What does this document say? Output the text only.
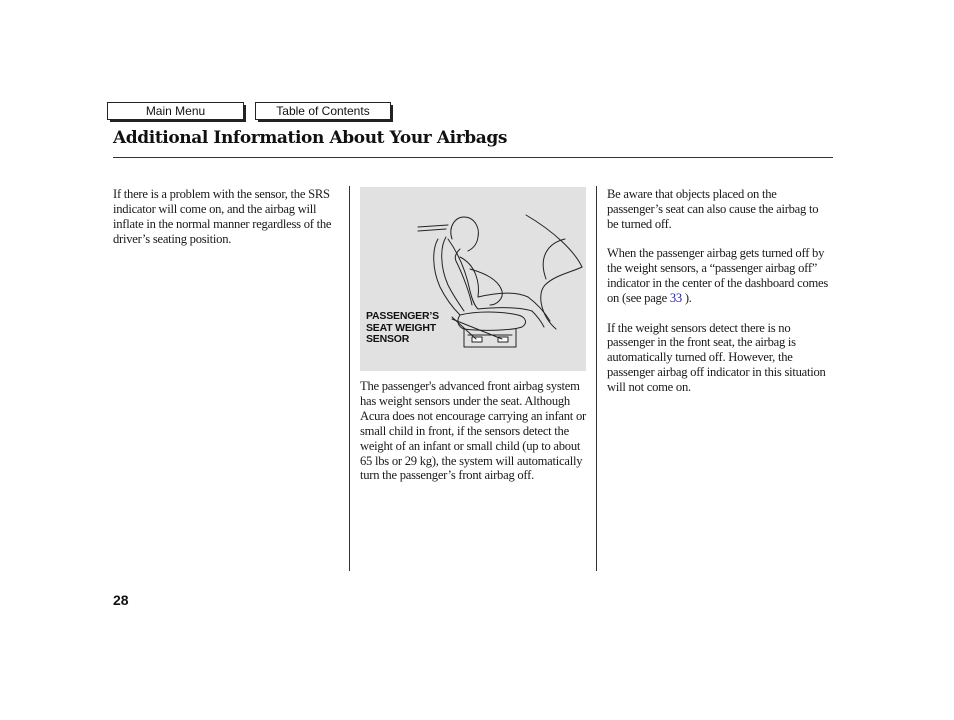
Main Menu	Table of Contents
Additional Information About Your Airbags

If there is a problem with the sensor, the SRS indicator will come on, and the airbag will inflate in the normal manner regardless of the driver’s seating position.

PASSENGER’S
SEAT WEIGHT
SENSOR

The passenger's advanced front airbag system has weight sensors under the seat. Although Acura does not encourage carrying an infant or small child in front, if the sensors detect the weight of an infant or small child (up to about 65 lbs or 29 kg), the system will automatically turn the passenger’s front airbag off.

Be aware that objects placed on the passenger’s seat can also cause the airbag to be turned off.

When the passenger airbag gets turned off by the weight sensors, a “passenger airbag off” indicator in the center of the dashboard comes on (see page 33 ).

If the weight sensors detect there is no passenger in the front seat, the airbag is automatically turned off. However, the passenger airbag off indicator in this situation will not come on.

28
